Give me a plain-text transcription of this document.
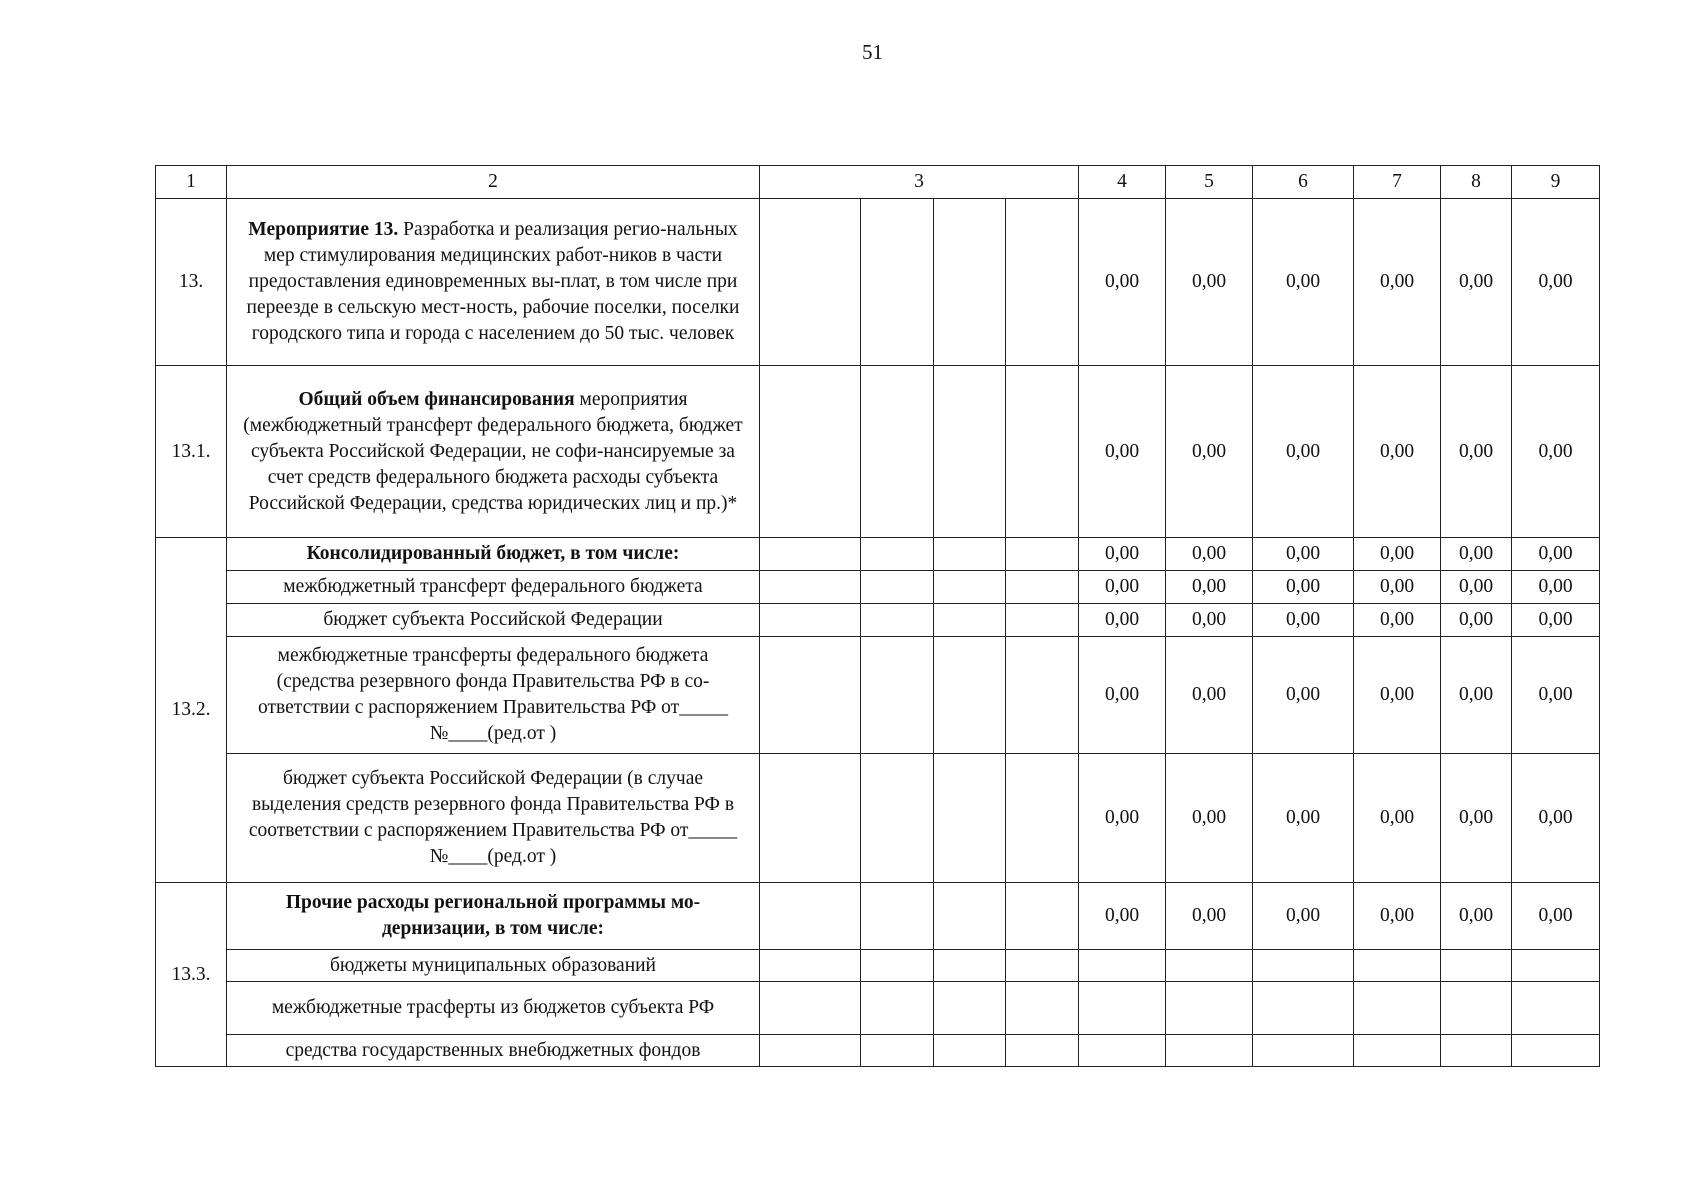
51
1	2	3				4	5	6	7	8	9
13.	Мероприятие 13. Разработка и реализация регио-нальных мер стимулирования медицинских работ-ников в части предоставления единовременных вы-плат, в том числе при переезде в сельскую мест-ность, рабочие поселки, поселки городского типа и города с населением до 50 тыс. человек					0,00	0,00	0,00	0,00	0,00	0,00
13.1.	Общий объем финансирования мероприятия (межбюджетный трансферт федерального бюджета, бюджет субъекта Российской Федерации, не софи-нансируемые за счет средств федерального бюджета расходы субъекта Российской Федерации, средства юридических лиц и пр.)*					0,00	0,00	0,00	0,00	0,00	0,00
13.2.	Консолидированный бюджет, в том числе:					0,00	0,00	0,00	0,00	0,00	0,00
	межбюджетный трансферт федерального бюджета					0,00	0,00	0,00	0,00	0,00	0,00
	бюджет субъекта Российской Федерации					0,00	0,00	0,00	0,00	0,00	0,00
	межбюджетные трансферты федерального бюджета (средства резервного фонда Правительства РФ в со-ответствии с распоряжением Правительства РФ от_____ №____(ред.от )					0,00	0,00	0,00	0,00	0,00	0,00
	бюджет субъекта Российской Федерации (в случае выделения средств резервного фонда Правительства РФ в соответствии с распоряжением Правительства РФ от_____ №____(ред.от )					0,00	0,00	0,00	0,00	0,00	0,00
13.3.	Прочие расходы региональной программы мо-дернизации, в том числе:					0,00	0,00	0,00	0,00	0,00	0,00
	бюджеты муниципальных образований										
	межбюджетные трасферты из бюджетов субъекта РФ										
	средства государственных внебюджетных фондов										
